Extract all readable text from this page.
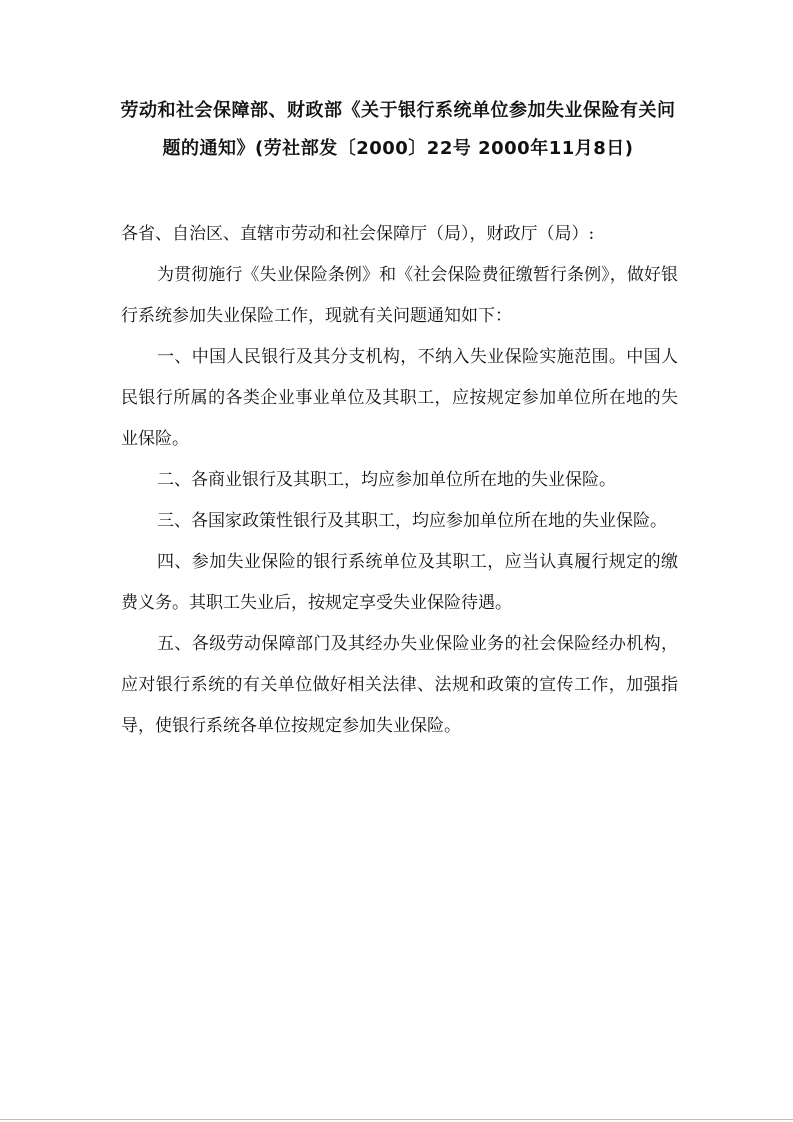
劳动和社会保障部、财政部《关于银行系统单位参加失业保险有关问
题的通知》(劳社部发〔2000〕22号 2000年11月8日)

各省、自治区、直辖市劳动和社会保障厅（局），财政厅（局）:

为贯彻施行《失业保险条例》和《社会保险费征缴暂行条例》，做好银行系统参加失业保险工作，现就有关问题通知如下：

一、中国人民银行及其分支机构，不纳入失业保险实施范围。中国人民银行所属的各类企业事业单位及其职工，应按规定参加单位所在地的失业保险。

二、各商业银行及其职工，均应参加单位所在地的失业保险。

三、各国家政策性银行及其职工，均应参加单位所在地的失业保险。

四、参加失业保险的银行系统单位及其职工，应当认真履行规定的缴费义务。其职工失业后，按规定享受失业保险待遇。

五、各级劳动保障部门及其经办失业保险业务的社会保险经办机构，应对银行系统的有关单位做好相关法律、法规和政策的宣传工作，加强指导，使银行系统各单位按规定参加失业保险。
